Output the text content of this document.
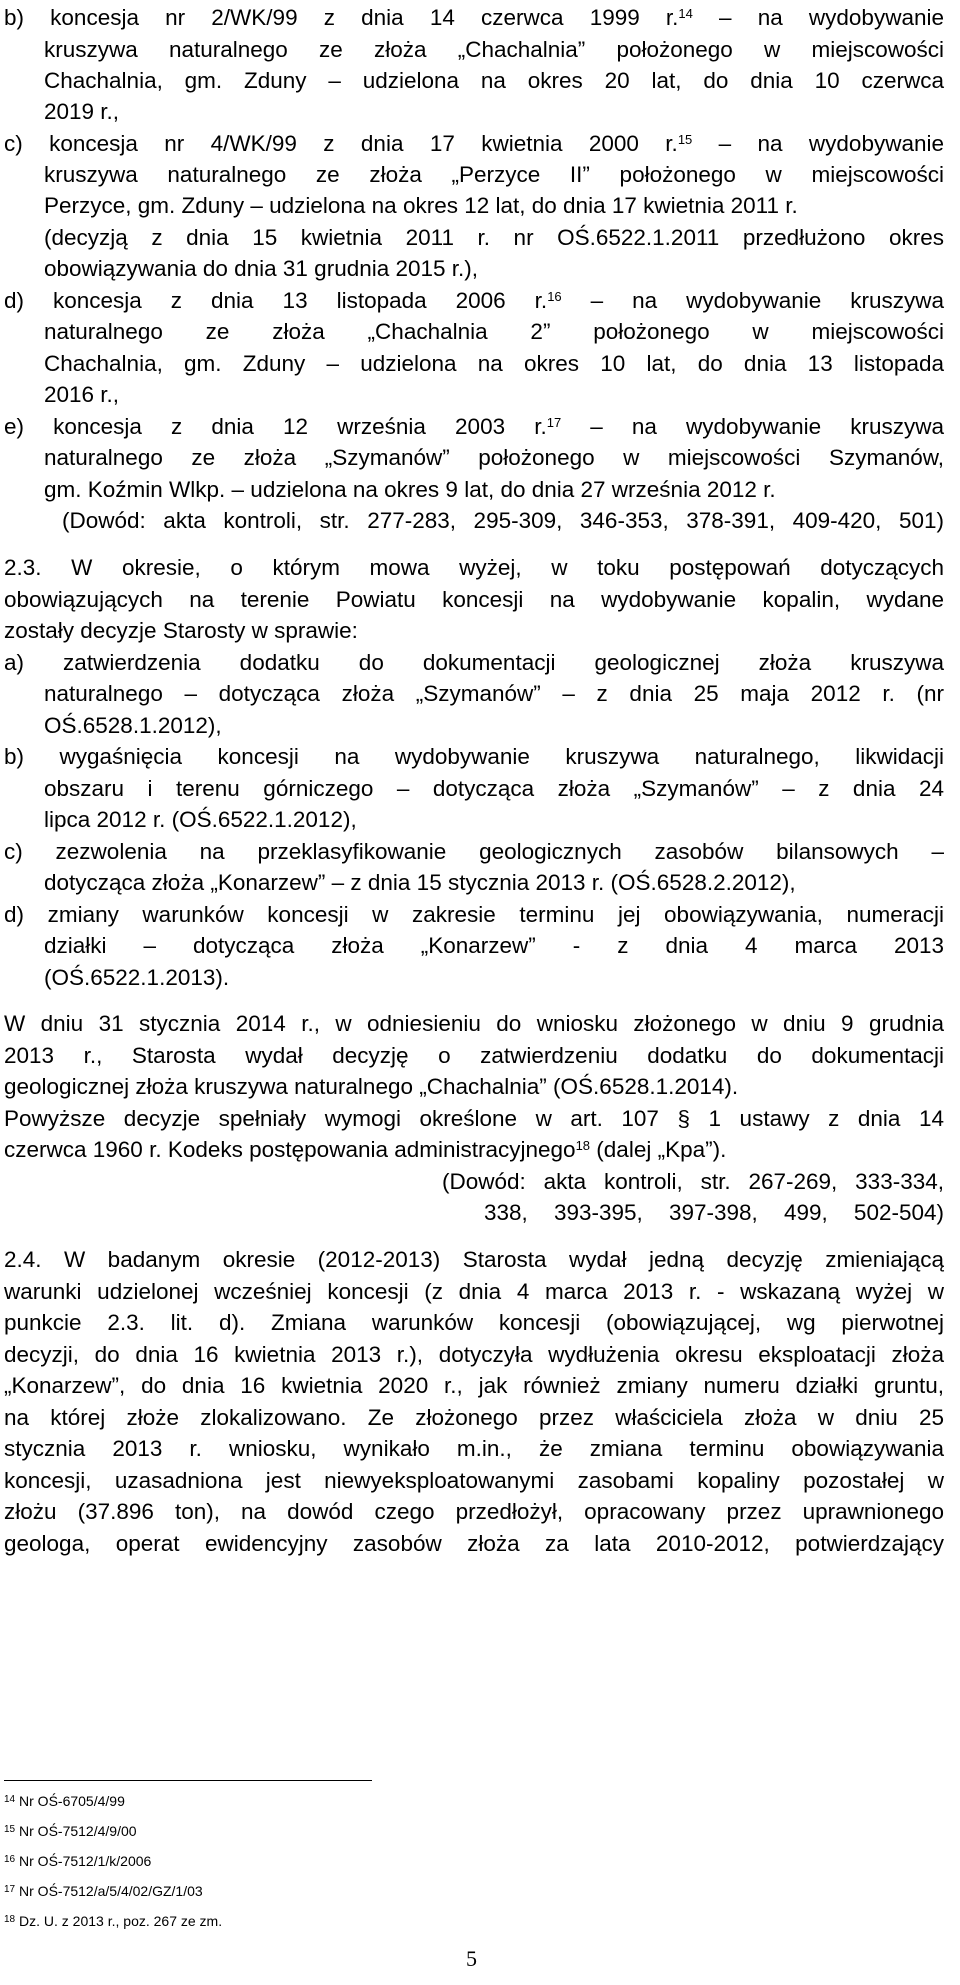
b) koncesja nr 2/WK/99 z dnia 14 czerwca 1999 r.$^{14}$ – na wydobywanie
kruszywa naturalnego ze złoża „Chachalnia” położonego w miejscowości
Chachalnia, gm. Zduny – udzielona na okres 20 lat, do dnia 10 czerwca
2019 r.,
c) koncesja nr 4/WK/99 z dnia 17 kwietnia 2000 r.$^{15}$ – na wydobywanie
kruszywa naturalnego ze złoża „Perzyce II” położonego w miejscowości
Perzyce, gm. Zduny – udzielona na okres 12 lat, do dnia 17 kwietnia 2011 r.
(decyzją z dnia 15 kwietnia 2011 r. nr OŚ.6522.1.2011 przedłużono okres
obowiązywania do dnia 31 grudnia 2015 r.),
d) koncesja z dnia 13 listopada 2006 r.$^{16}$ – na wydobywanie kruszywa
naturalnego ze złoża „Chachalnia 2” położonego w miejscowości
Chachalnia, gm. Zduny – udzielona na okres 10 lat, do dnia 13 listopada
2016 r.,
e) koncesja z dnia 12 września 2003 r.$^{17}$ – na wydobywanie kruszywa
naturalnego ze złoża „Szymanów” położonego w miejscowości Szymanów,
gm. Koźmin Wlkp. – udzielona na okres 9 lat, do dnia 27 września 2012 r.
(Dowód: akta kontroli, str. 277-283, 295-309, 346-353, 378-391, 409-420, 501)
2.3. W okresie, o którym mowa wyżej, w toku postępowań dotyczących
obowiązujących na terenie Powiatu koncesji na wydobywanie kopalin, wydane
zostały decyzje Starosty w sprawie:
a) zatwierdzenia dodatku do dokumentacji geologicznej złoża kruszywa
naturalnego – dotycząca złoża „Szymanów” – z dnia 25 maja 2012 r. (nr
OŚ.6528.1.2012),
b) wygaśnięcia koncesji na wydobywanie kruszywa naturalnego, likwidacji
obszaru i terenu górniczego – dotycząca złoża „Szymanów” – z dnia 24
lipca 2012 r. (OŚ.6522.1.2012),
c) zezwolenia na przeklasyfikowanie geologicznych zasobów bilansowych –
dotycząca złoża „Konarzew” – z dnia 15 stycznia 2013 r. (OŚ.6528.2.2012),
d) zmiany warunków koncesji w zakresie terminu jej obowiązywania, numeracji
działki – dotycząca złoża „Konarzew” - z dnia 4 marca 2013
(OŚ.6522.1.2013).
W dniu 31 stycznia 2014 r., w odniesieniu do wniosku złożonego w dniu 9 grudnia
2013 r., Starosta wydał decyzję o zatwierdzeniu dodatku do dokumentacji
geologicznej złoża kruszywa naturalnego „Chachalnia” (OŚ.6528.1.2014).
Powyższe decyzje spełniały wymogi określone w art. 107 § 1 ustawy z dnia 14
czerwca 1960 r. Kodeks postępowania administracyjnego$^{18}$ (dalej „Kpa”).
(Dowód: akta kontroli, str. 267-269, 333-334,
338, 393-395, 397-398, 499, 502-504)
2.4. W badanym okresie (2012-2013) Starosta wydał jedną decyzję zmieniającą
warunki udzielonej wcześniej koncesji (z dnia 4 marca 2013 r. - wskazaną wyżej w
punkcie 2.3. lit. d). Zmiana warunków koncesji (obowiązującej, wg pierwotnej
decyzji, do dnia 16 kwietnia 2013 r.), dotyczyła wydłużenia okresu eksploatacji złoża
„Konarzew”, do dnia 16 kwietnia 2020 r., jak również zmiany numeru działki gruntu,
na której złoże zlokalizowano. Ze złożonego przez właściciela złoża w dniu 25
stycznia 2013 r. wniosku, wynikało m.in., że zmiana terminu obowiązywania
koncesji, uzasadniona jest niewyeksploatowanymi zasobami kopaliny pozostałej w
złożu (37.896 ton), na dowód czego przedłożył, opracowany przez uprawnionego
geologa, operat ewidencyjny zasobów złoża za lata 2010-2012, potwierdzający
$^{14}$ Nr OŚ-6705/4/99
$^{15}$ Nr OŚ-7512/4/9/00
$^{16}$ Nr OŚ-7512/1/k/2006
$^{17}$ Nr OŚ-7512/a/5/4/02/GZ/1/03
$^{18}$ Dz. U. z 2013 r., poz. 267 ze zm.
5
